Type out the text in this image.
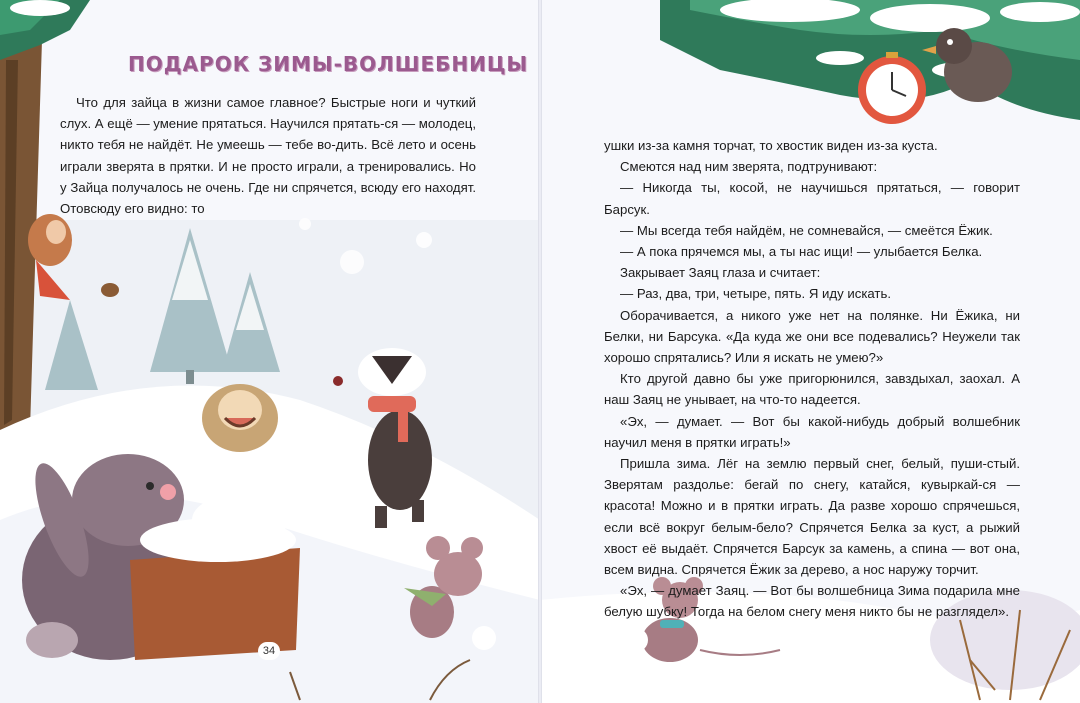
ПОДАРОК ЗИМЫ-ВОЛШЕБНИЦЫ

Что для зайца в жизни самое главное? Быстрые ноги и чуткий слух. А ещё — умение прятаться. Научился прятать-ся — молодец, никто тебя не найдёт. Не умеешь — тебе во-дить. Всё лето и осень играли зверята в прятки. И не просто играли, а тренировались. Но у Зайца получалось не очень. Где ни спрячется, всюду его находят. Отовсюду его видно: то

34

ушки из-за камня торчат, то хвостик виден из-за куста.

Смеются над ним зверята, подтрунивают:

— Никогда ты, косой, не научишься прятаться, — говорит Барсук.

— Мы всегда тебя найдём, не сомневайся, — смеётся Ёжик.

— А пока прячемся мы, а ты нас ищи! — улыбается Белка.

Закрывает Заяц глаза и считает:

— Раз, два, три, четыре, пять. Я иду искать.

Оборачивается, а никого уже нет на полянке. Ни Ёжика, ни Белки, ни Барсука. «Да куда же они все подевались? Неужели так хорошо спрятались? Или я искать не умею?»

Кто другой давно бы уже пригорюнился, завздыхал, заохал. А наш Заяц не унывает, на что-то надеется.

«Эх, — думает. — Вот бы какой-нибудь добрый волшебник научил меня в прятки играть!»

Пришла зима. Лёг на землю первый снег, белый, пуши-стый. Зверятам раздолье: бегай по снегу, катайся, кувыркай-ся — красота! Можно и в прятки играть. Да разве хорошо спрячешься, если всё вокруг белым-бело? Спрячется Белка за куст, а рыжий хвост её выдаёт. Спрячется Барсук за камень, а спина — вот она, всем видна. Спрячется Ёжик за дерево, а нос наружу торчит.

«Эх, — думает Заяц. — Вот бы волшебница Зима подарила мне белую шубку! Тогда на белом снегу меня никто бы не разглядел».
